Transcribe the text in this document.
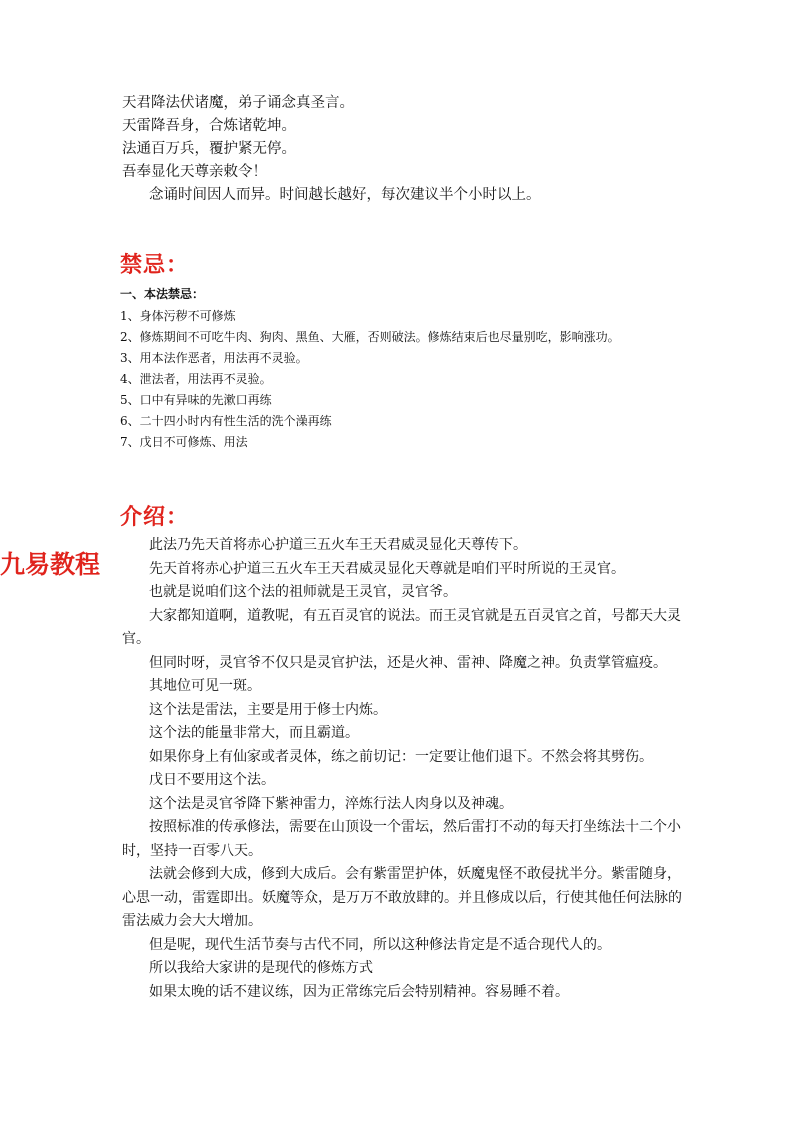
天君降法伏诸魔，弟子诵念真圣言。
天雷降吾身，合炼诸乾坤。
法通百万兵，覆护紧无停。
吾奉显化天尊亲敕令！
念诵时间因人而异。时间越长越好，每次建议半个小时以上。
禁忌：
一、本法禁忌：

1、身体污秽不可修炼

2、修炼期间不可吃牛肉、狗肉、黑鱼、大雁，否则破法。修炼结束后也尽量别吃，影响涨功。

3、用本法作恶者，用法再不灵验。

4、泄法者，用法再不灵验。

5、口中有异味的先漱口再练

6、二十四小时内有性生活的洗个澡再练

7、戊日不可修炼、用法

介绍：
九易教程

此法乃先天首将赤心护道三五火车王天君威灵显化天尊传下。

先天首将赤心护道三五火车王天君威灵显化天尊就是咱们平时所说的王灵官。

也就是说咱们这个法的祖师就是王灵官，灵官爷。

大家都知道啊，道教呢，有五百灵官的说法。而王灵官就是五百灵官之首，号都天大灵官。

但同时呀，灵官爷不仅只是灵官护法，还是火神、雷神、降魔之神。负责掌管瘟疫。

其地位可见一斑。

这个法是雷法，主要是用于修士内炼。

这个法的能量非常大，而且霸道。

如果你身上有仙家或者灵体，练之前切记：一定要让他们退下。不然会将其劈伤。

戊日不要用这个法。

这个法是灵官爷降下紫神雷力，淬炼行法人肉身以及神魂。

按照标准的传承修法，需要在山顶设一个雷坛，然后雷打不动的每天打坐练法十二个小时，坚持一百零八天。

法就会修到大成，修到大成后。会有紫雷罡护体，妖魔鬼怪不敢侵扰半分。紫雷随身，心思一动，雷霆即出。妖魔等众，是万万不敢放肆的。并且修成以后，行使其他任何法脉的雷法威力会大大增加。

但是呢，现代生活节奏与古代不同，所以这种修法肯定是不适合现代人的。

所以我给大家讲的是现代的修炼方式

如果太晚的话不建议练，因为正常练完后会特别精神。容易睡不着。
